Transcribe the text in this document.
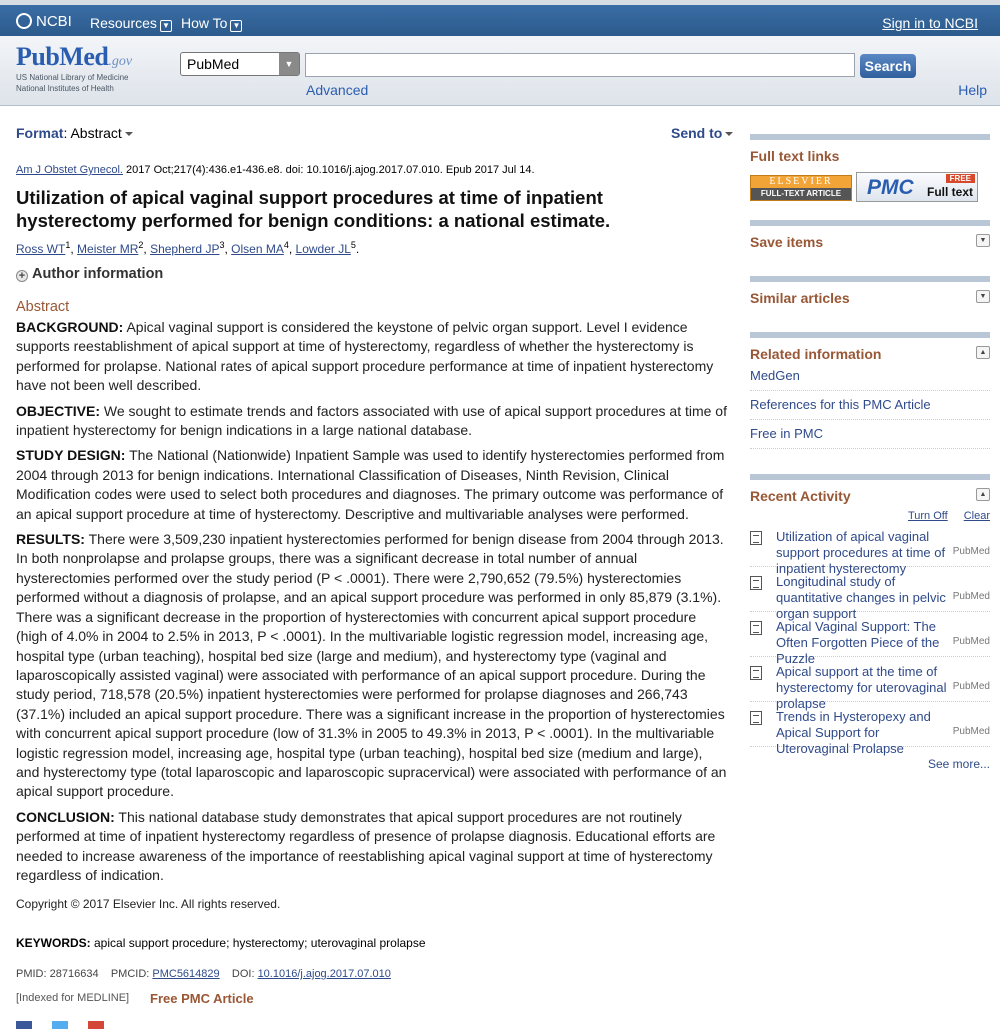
NCBI Resources ▼ How To ▼	Sign in to NCBI
PubMed.gov
US National Library of Medicine
National Institutes of Health
PubMed	▼	Search
Advanced	Help
Format: Abstract	Send to
Am J Obstet Gynecol. 2017 Oct;217(4):436.e1-436.e8. doi: 10.1016/j.ajog.2017.07.010. Epub 2017 Jul 14.
Utilization of apical vaginal support procedures at time of inpatient hysterectomy performed for benign conditions: a national estimate.
Ross $WT^1$, Meister $MR^2$, Shepherd $JP^3$, Olsen $MA^4$, Lowder $JL^5$.
+ Author information
Abstract

BACKGROUND: Apical vaginal support is considered the keystone of pelvic organ support. Level I evidence supports reestablishment of apical support at time of hysterectomy, regardless of whether the hysterectomy is performed for prolapse. National rates of apical support procedure performance at time of inpatient hysterectomy have not been well described.

OBJECTIVE: We sought to estimate trends and factors associated with use of apical support procedures at time of inpatient hysterectomy for benign indications in a large national database.

STUDY DESIGN: The National (Nationwide) Inpatient Sample was used to identify hysterectomies performed from 2004 through 2013 for benign indications. International Classification of Diseases, Ninth Revision, Clinical Modification codes were used to select both procedures and diagnoses. The primary outcome was performance of an apical support procedure at time of hysterectomy. Descriptive and multivariable analyses were performed.

RESULTS: There were 3,509,230 inpatient hysterectomies performed for benign disease from 2004 through 2013. In both nonprolapse and prolapse groups, there was a significant decrease in total number of annual hysterectomies performed over the study period (P < .0001). There were 2,790,652 (79.5%) hysterectomies performed without a diagnosis of prolapse, and an apical support procedure was performed in only 85,879 (3.1%). There was a significant decrease in the proportion of hysterectomies with concurrent apical support procedure (high of 4.0% in 2004 to 2.5% in 2013, P < .0001). In the multivariable logistic regression model, increasing age, hospital type (urban teaching), hospital bed size (large and medium), and hysterectomy type (vaginal and laparoscopically assisted vaginal) were associated with performance of an apical support procedure. During the study period, 718,578 (20.5%) inpatient hysterectomies were performed for prolapse diagnoses and 266,743 (37.1%) included an apical support procedure. There was a significant increase in the proportion of hysterectomies with concurrent apical support procedure (low of 31.3% in 2005 to 49.3% in 2013, P < .0001). In the multivariable logistic regression model, increasing age, hospital type (urban teaching), hospital bed size (medium and large), and hysterectomy type (total laparoscopic and laparoscopic supracervical) were associated with performance of an apical support procedure.

CONCLUSION: This national database study demonstrates that apical support procedures are not routinely performed at time of inpatient hysterectomy regardless of presence of prolapse diagnosis. Educational efforts are needed to increase awareness of the importance of reestablishing apical vaginal support at time of hysterectomy regardless of indication.

Copyright © 2017 Elsevier Inc. All rights reserved.
KEYWORDS: apical support procedure; hysterectomy; uterovaginal prolapse
PMID: 28716634 PMCID: PMC5614829 DOI: 10.1016/j.ajog.2017.07.010
[Indexed for MEDLINE] Free PMC Article
Full text links
ELSEVIER
FULL-TEXT ARTICLE	PMC	FREE
Full text
Save items	▼
Similar articles	▼
Related information	▲
MedGen
References for this PMC Article
Free in PMC
Recent Activity	▲
Turn Off Clear
Utilization of apical vaginal support procedures at time of inpatient hysterectomy
PubMed
Longitudinal study of quantitative changes in pelvic organ support
PubMed
Apical Vaginal Support: The Often Forgotten Piece of the Puzzle
PubMed
Apical support at the time of hysterectomy for uterovaginal prolapse
PubMed
Trends in Hysteropexy and Apical Support for Uterovaginal Prolapse
PubMed
See more...
